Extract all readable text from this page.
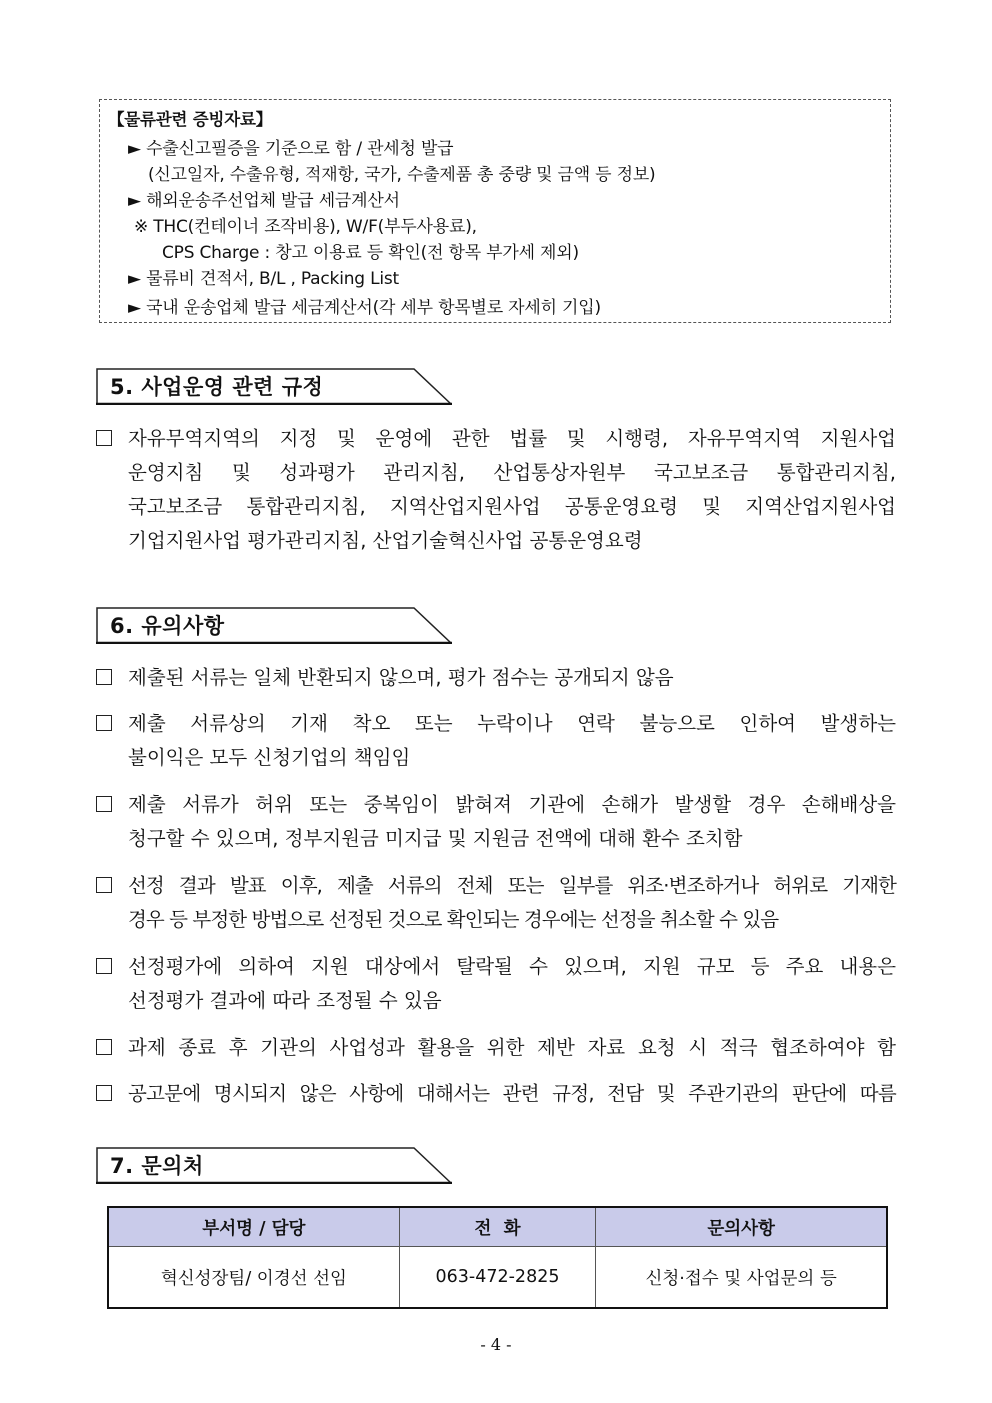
【물류관련 증빙자료】
► 수출신고필증을 기준으로 함 / 관세청 발급
(신고일자, 수출유형, 적재항, 국가, 수출제품 총 중량 및 금액 등 정보)
► 해외운송주선업체 발급 세금계산서
※ THC(컨테이너 조작비용), W/F(부두사용료),
CPS Charge : 창고 이용료 등 확인(전 항목 부가세 제외)
► 물류비 견적서, B/L , Packing List
► 국내 운송업체 발급 세금계산서(각 세부 항목별로 자세히 기입)
5. 사업운영 관련 규정
자유무역지역의 지정 및 운영에 관한 법률 및 시행령, 자유무역지역 지원사업
운영지침 및 성과평가 관리지침, 산업통상자원부 국고보조금 통합관리지침,
국고보조금 통합관리지침, 지역산업지원사업 공통운영요령 및 지역산업지원사업
기업지원사업 평가관리지침, 산업기술혁신사업 공통운영요령
6. 유의사항
제출된 서류는 일체 반환되지 않으며, 평가 점수는 공개되지 않음
제출 서류상의 기재 착오 또는 누락이나 연락 불능으로 인하여 발생하는
불이익은 모두 신청기업의 책임임
제출 서류가 허위 또는 중복임이 밝혀져 기관에 손해가 발생할 경우 손해배상을
청구할 수 있으며, 정부지원금 미지급 및 지원금 전액에 대해 환수 조치함
선정 결과 발표 이후, 제출 서류의 전체 또는 일부를 위조·변조하거나 허위로 기재한
경우 등 부정한 방법으로 선정된 것으로 확인되는 경우에는 선정을 취소할 수 있음
선정평가에 의하여 지원 대상에서 탈락될 수 있으며, 지원 규모 등 주요 내용은
선정평가 결과에 따라 조정될 수 있음
과제 종료 후 기관의 사업성과 활용을 위한 제반 자료 요청 시 적극 협조하여야 함
공고문에 명시되지 않은 사항에 대해서는 관련 규정, 전담 및 주관기관의 판단에 따름
7. 문의처
부서명 / 담당	전  화	문의사항
혁신성장팀/ 이경선 선임	063-472-2825	신청·접수 및 사업문의 등
- 4 -
